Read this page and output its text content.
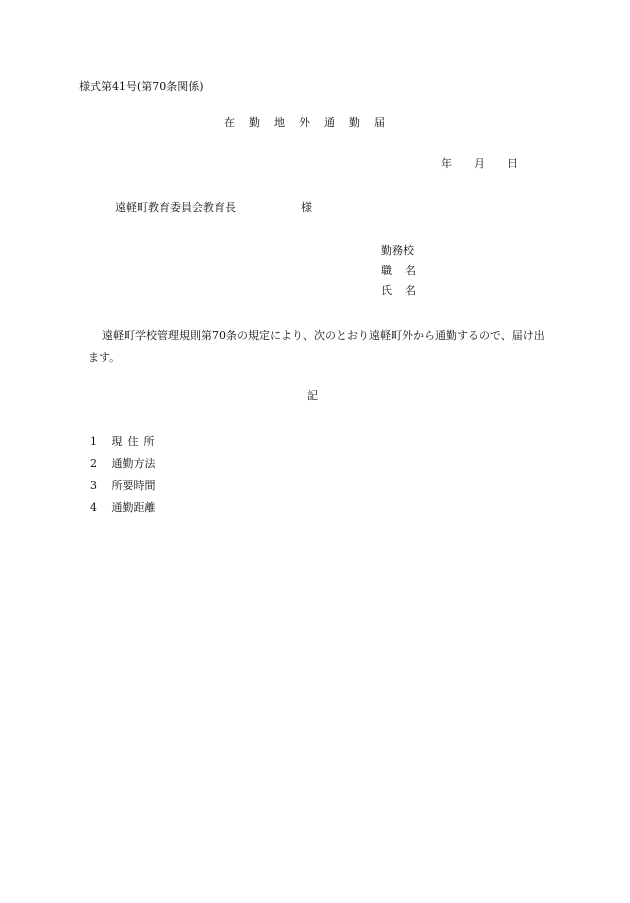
様式第41号(第70条関係)
在勤地外通勤届
年 月 日
遠軽町教育委員会教育長	様
勤務校
職名
氏名
遠軽町学校管理規則第70条の規定により、次のとおり遠軽町外から通勤するので、届け出ます。
記
1 現住所
2 通勤方法
3 所要時間
4 通勤距離
